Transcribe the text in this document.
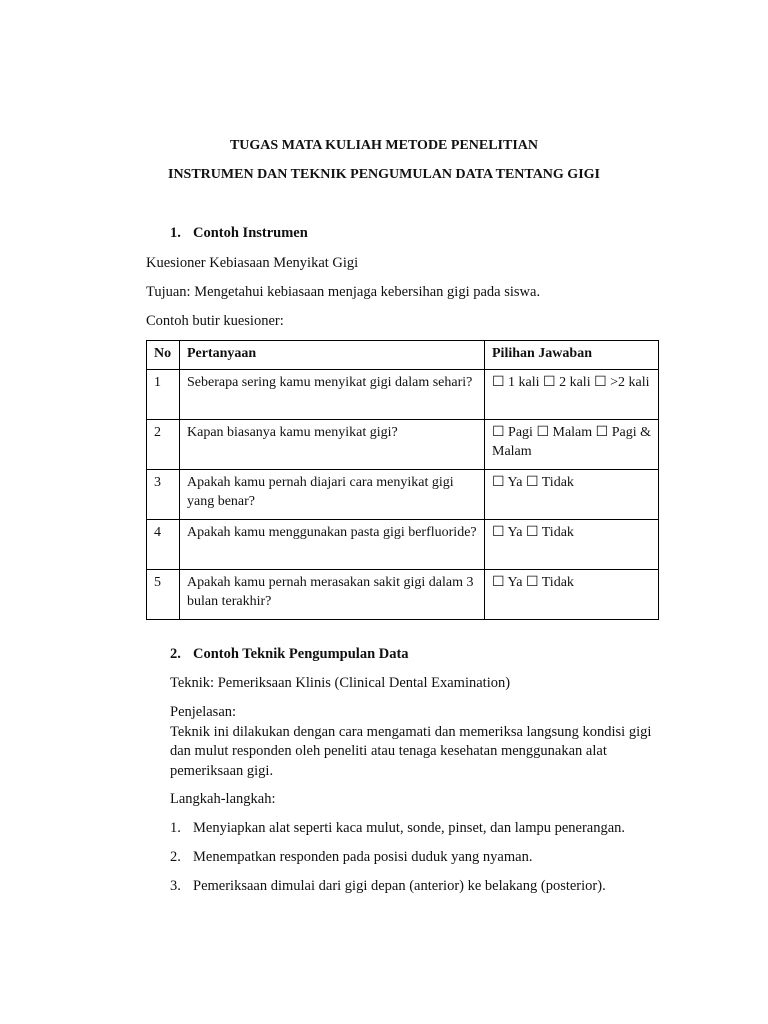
TUGAS MATA KULIAH METODE PENELITIAN
INSTRUMEN DAN TEKNIK PENGUMULAN DATA TENTANG GIGI
1. Contoh Instrumen
Kuesioner Kebiasaan Menyikat Gigi
Tujuan: Mengetahui kebiasaan menjaga kebersihan gigi pada siswa.
Contoh butir kuesioner:
No	Pertanyaan	Pilihan Jawaban
1	Seberapa sering kamu menyikat gigi dalam sehari?	☐ 1 kali ☐ 2 kali ☐ >2 kali
2	Kapan biasanya kamu menyikat gigi?	☐ Pagi ☐ Malam ☐ Pagi & Malam
3	Apakah kamu pernah diajari cara menyikat gigi yang benar?	☐ Ya ☐ Tidak
4	Apakah kamu menggunakan pasta gigi berfluoride?	☐ Ya ☐ Tidak
5	Apakah kamu pernah merasakan sakit gigi dalam 3 bulan terakhir?	☐ Ya ☐ Tidak
2. Contoh Teknik Pengumpulan Data
Teknik: Pemeriksaan Klinis (Clinical Dental Examination)
Penjelasan:
Teknik ini dilakukan dengan cara mengamati dan memeriksa langsung kondisi gigi dan mulut responden oleh peneliti atau tenaga kesehatan menggunakan alat pemeriksaan gigi.
Langkah-langkah:
1. Menyiapkan alat seperti kaca mulut, sonde, pinset, dan lampu penerangan.
2. Menempatkan responden pada posisi duduk yang nyaman.
3. Pemeriksaan dimulai dari gigi depan (anterior) ke belakang (posterior).
